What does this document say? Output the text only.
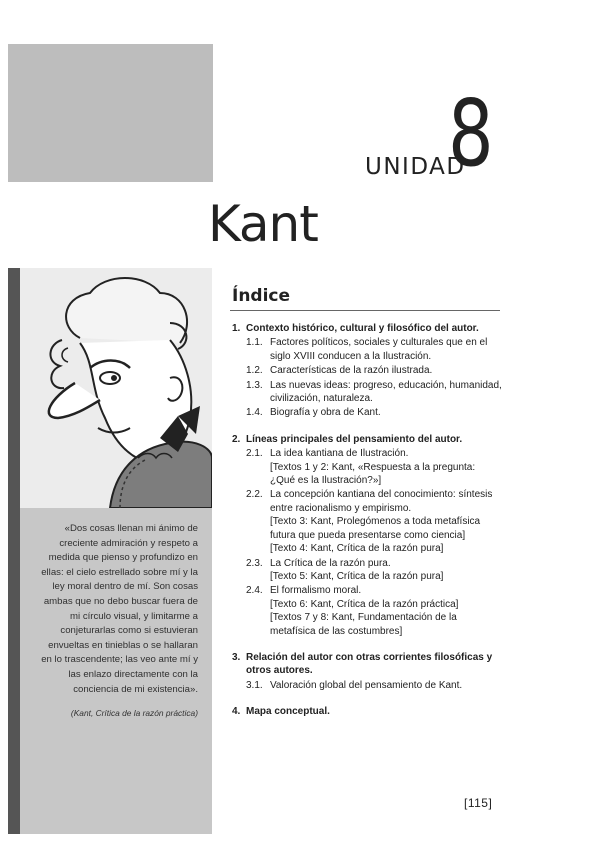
UNIDAD
8
Kant
«Dos cosas llenan mi ánimo de creciente admiración y respeto a medida que pienso y profundizo en ellas: el cielo estrellado sobre mí y la ley moral dentro de mí. Son cosas ambas que no debo buscar fuera de mi círculo visual, y limitarme a conjeturarlas como si estuvieran envueltas en tinieblas o se hallaran en lo trascendente; las veo ante mí y las enlazo directamente con la conciencia de mi existencia».
(Kant, Crítica de la razón práctica)
Índice
1. Contexto histórico, cultural y filosófico del autor.
1.1. Factores políticos, sociales y culturales que en el siglo XVIII conducen a la Ilustración.
1.2. Características de la razón ilustrada.
1.3. Las nuevas ideas: progreso, educación, humanidad, civilización, naturaleza.
1.4. Biografía y obra de Kant.
2. Líneas principales del pensamiento del autor.
2.1. La idea kantiana de Ilustración.
[Textos 1 y 2: Kant, «Respuesta a la pregunta: ¿Qué es la Ilustración?»]
2.2. La concepción kantiana del conocimiento: síntesis entre racionalismo y empirismo.
[Texto 3: Kant, Prolegómenos a toda metafísica futura que pueda presentarse como ciencia]
[Texto 4: Kant, Crítica de la razón pura]
2.3. La Crítica de la razón pura.
[Texto 5: Kant, Crítica de la razón pura]
2.4. El formalismo moral.
[Texto 6: Kant, Crítica de la razón práctica]
[Textos 7 y 8: Kant, Fundamentación de la metafísica de las costumbres]
3. Relación del autor con otras corrientes filosóficas y otros autores.
3.1. Valoración global del pensamiento de Kant.
4. Mapa conceptual.
[115]
